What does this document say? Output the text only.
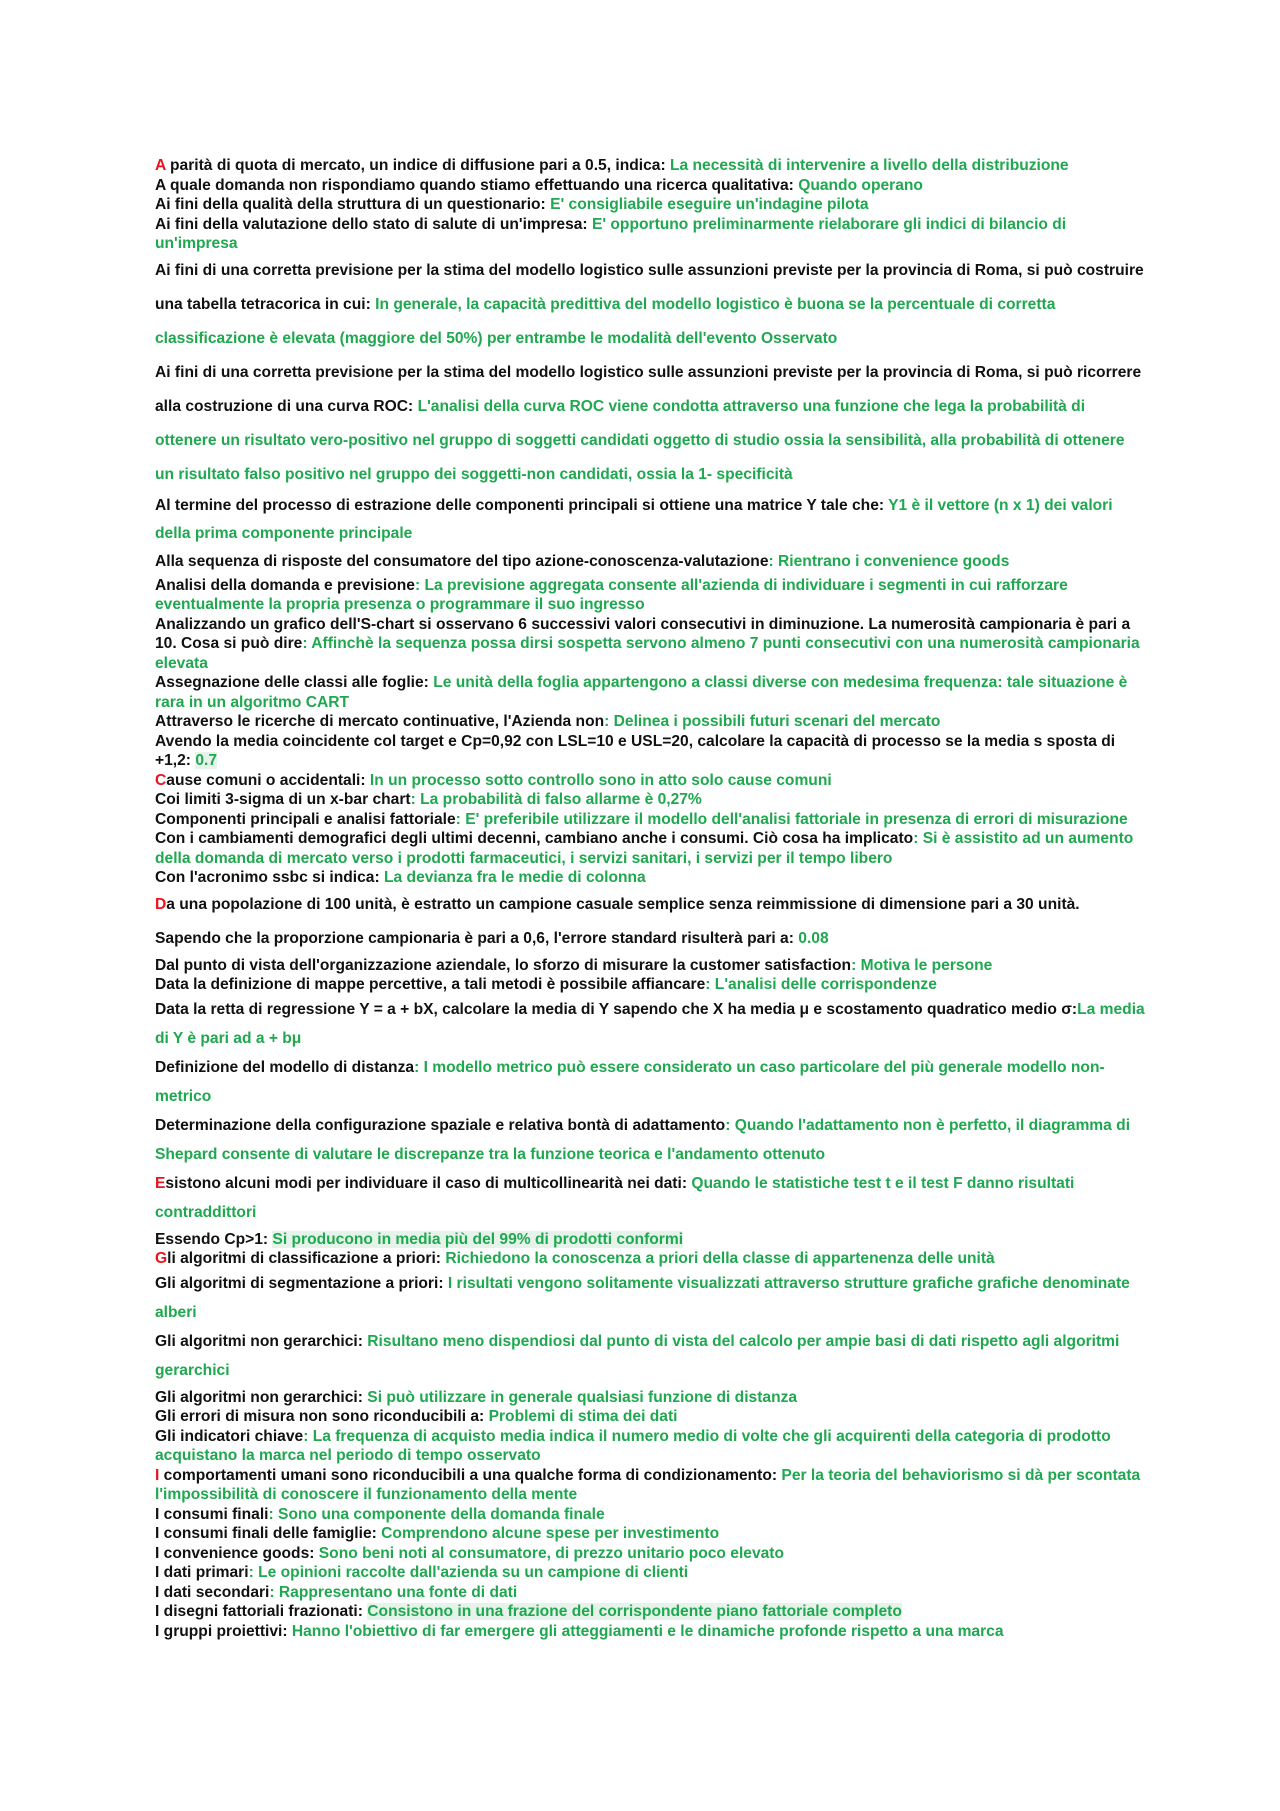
A parità di quota di mercato, un indice di diffusione pari a 0.5, indica: La necessità di intervenire a livello della distribuzione

A quale domanda non rispondiamo quando stiamo effettuando una ricerca qualitativa: Quando operano

Ai fini della qualità della struttura di un questionario: E' consigliabile eseguire un'indagine pilota

Ai fini della valutazione dello stato di salute di un'impresa: E' opportuno preliminarmente rielaborare gli indici di bilancio di un'impresa

Ai fini di una corretta previsione per la stima del modello logistico sulle assunzioni previste per la provincia di Roma, si può costruire una tabella tetracorica in cui: In generale, la capacità predittiva del modello logistico è buona se la percentuale di corretta classificazione è elevata (maggiore del 50%) per entrambe le modalità dell'evento Osservato

Ai fini di una corretta previsione per la stima del modello logistico sulle assunzioni previste per la provincia di Roma, si può ricorrere alla costruzione di una curva ROC: L'analisi della curva ROC viene condotta attraverso una funzione che lega la probabilità di ottenere un risultato vero-positivo nel gruppo di soggetti candidati oggetto di studio ossia la sensibilità, alla probabilità di ottenere un risultato falso positivo nel gruppo dei soggetti-non candidati, ossia la 1- specificità

Al termine del processo di estrazione delle componenti principali si ottiene una matrice Y tale che: Y1 è il vettore (n x 1) dei valori della prima componente principale

Alla sequenza di risposte del consumatore del tipo azione-conoscenza-valutazione: Rientrano i convenience goods

Analisi della domanda e previsione: La previsione aggregata consente all'azienda di individuare i segmenti in cui rafforzare eventualmente la propria presenza o programmare il suo ingresso

Analizzando un grafico dell'S-chart si osservano 6 successivi valori consecutivi in diminuzione. La numerosità campionaria è pari a 10. Cosa si può dire: Affinchè la sequenza possa dirsi sospetta servono almeno 7 punti consecutivi con una numerosità campionaria elevata

Assegnazione delle classi alle foglie: Le unità della foglia appartengono a classi diverse con medesima frequenza: tale situazione è rara in un algoritmo CART

Attraverso le ricerche di mercato continuative, l'Azienda non: Delinea i possibili futuri scenari del mercato

Avendo la media coincidente col target e Cp=0,92 con LSL=10 e USL=20, calcolare la capacità di processo se la media s sposta di +1,2: 0.7

Cause comuni o accidentali: In un processo sotto controllo sono in atto solo cause comuni

Coi limiti 3-sigma di un x-bar chart: La probabilità di falso allarme è 0,27%

Componenti principali e analisi fattoriale: E' preferibile utilizzare il modello dell'analisi fattoriale in presenza di errori di misurazione

Con i cambiamenti demografici degli ultimi decenni, cambiano anche i consumi. Ciò cosa ha implicato: Si è assistito ad un aumento della domanda di mercato verso i prodotti farmaceutici, i servizi sanitari, i servizi per il tempo libero

Con l'acronimo ssbc si indica: La devianza fra le medie di colonna

Da una popolazione di 100 unità, è estratto un campione casuale semplice senza reimmissione di dimensione pari a 30 unità. Sapendo che la proporzione campionaria è pari a 0,6, l'errore standard risulterà pari a: 0.08

Dal punto di vista dell'organizzazione aziendale, lo sforzo di misurare la customer satisfaction: Motiva le persone

Data la definizione di mappe percettive, a tali metodi è possibile affiancare: L'analisi delle corrispondenze

Data la retta di regressione Y = a + bX, calcolare la media di Y sapendo che X ha media μ e scostamento quadratico medio σ:La media di Y è pari ad a + bμ

Definizione del modello di distanza: I modello metrico può essere considerato un caso particolare del più generale modello non-metrico

Determinazione della configurazione spaziale e relativa bontà di adattamento: Quando l'adattamento non è perfetto, il diagramma di Shepard consente di valutare le discrepanze tra la funzione teorica e l'andamento ottenuto

Esistono alcuni modi per individuare il caso di multicollinearità nei dati: Quando le statistiche test t e il test F danno risultati contraddittori

Essendo Cp>1: Si producono in media più del 99% di prodotti conformi

Gli algoritmi di classificazione a priori: Richiedono la conoscenza a priori della classe di appartenenza delle unità

Gli algoritmi di segmentazione a priori: I risultati vengono solitamente visualizzati attraverso strutture grafiche grafiche denominate alberi

Gli algoritmi non gerarchici: Risultano meno dispendiosi dal punto di vista del calcolo per ampie basi di dati rispetto agli algoritmi gerarchici

Gli algoritmi non gerarchici: Si può utilizzare in generale qualsiasi funzione di distanza

Gli errori di misura non sono riconducibili a: Problemi di stima dei dati

Gli indicatori chiave: La frequenza di acquisto media indica il numero medio di volte che gli acquirenti della categoria di prodotto acquistano la marca nel periodo di tempo osservato

I comportamenti umani sono riconducibili a una qualche forma di condizionamento: Per la teoria del behaviorismo si dà per scontata l'impossibilità di conoscere il funzionamento della mente

I consumi finali: Sono una componente della domanda finale

I consumi finali delle famiglie: Comprendono alcune spese per investimento

I convenience goods: Sono beni noti al consumatore, di prezzo unitario poco elevato

I dati primari: Le opinioni raccolte dall'azienda su un campione di clienti

I dati secondari: Rappresentano una fonte di dati

I disegni fattoriali frazionati: Consistono in una frazione del corrispondente piano fattoriale completo

I gruppi proiettivi: Hanno l'obiettivo di far emergere gli atteggiamenti e le dinamiche profonde rispetto a una marca
